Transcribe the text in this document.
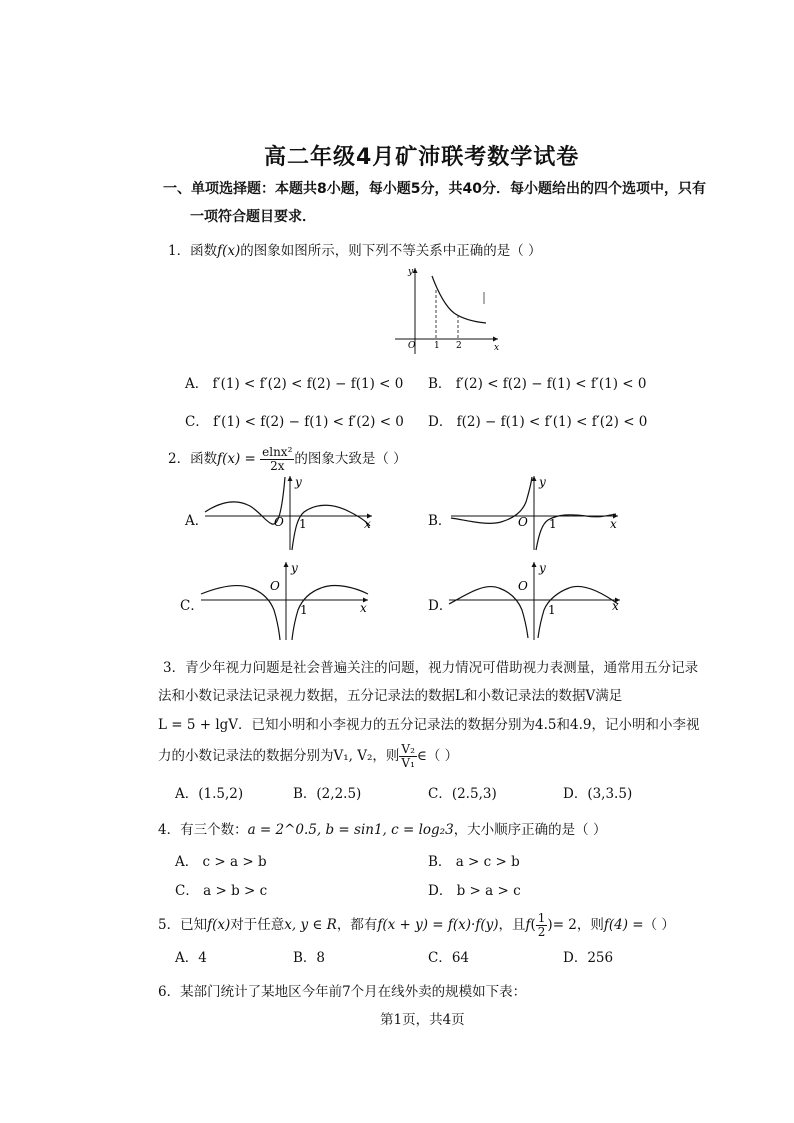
高二年级4月矿沛联考数学试卷
一、单项选择题：本题共8小题，每小题5分，共40分．每小题给出的四个选项中，只有
一项符合题目要求．
1．函数f(x)的图象如图所示，则下列不等关系中正确的是（ ）
O 1 2	x
y
A． f′(1) < f′(2) < f(2) − f(1) < 0 B． f′(2) < f(2) − f(1) < f′(1) < 0
C． f′(1) < f(2) − f(1) < f′(2) < 0 D． f(2) − f(1) < f′(1) < f′(2) < 0
2．函数$f(x) = \frac{\text{elnx²}}{2x}$ 的图象大致是（ ）
A．	O 1	x
y
B．	O 1	x
y
C．
O
1	x
y
D．
O
1	x
y
3．青少年视力问题是社会普遍关注的问题，视力情况可借助视力表测量，通常用五分记录
法和小数记录法记录视力数据，五分记录法的数据L和小数记录法的数据V满足
L = 5 + lgV．已知小明和小李视力的五分记录法的数据分别为4.5和4.9，记小明和小李视
力的小数记录法的数据分别为V₁, V₂，则 $\frac{\text{V₂}}{\text{V₁}}$ ∈（ ）
A．(1.5,2)	B．(2,2.5)	C．(2.5,3)	D．(3,3.5)
4．有三个数：a = 2^0.5, b = sin1, c = log₂3，大小顺序正确的是（ ）
A． c > a > b	B． a > c > b
C． a > b > c	D． b > a > c
5．已知f(x)对于任意x, y ∈ R，都有f(x + y) = f(x)·f(y)，且$f( \frac{1}{2}$ )= 2，则f(4) =（ ）
A．4	B．8	C．64	D．256
6．某部门统计了某地区今年前7个月在线外卖的规模如下表：
第1页，共4页
